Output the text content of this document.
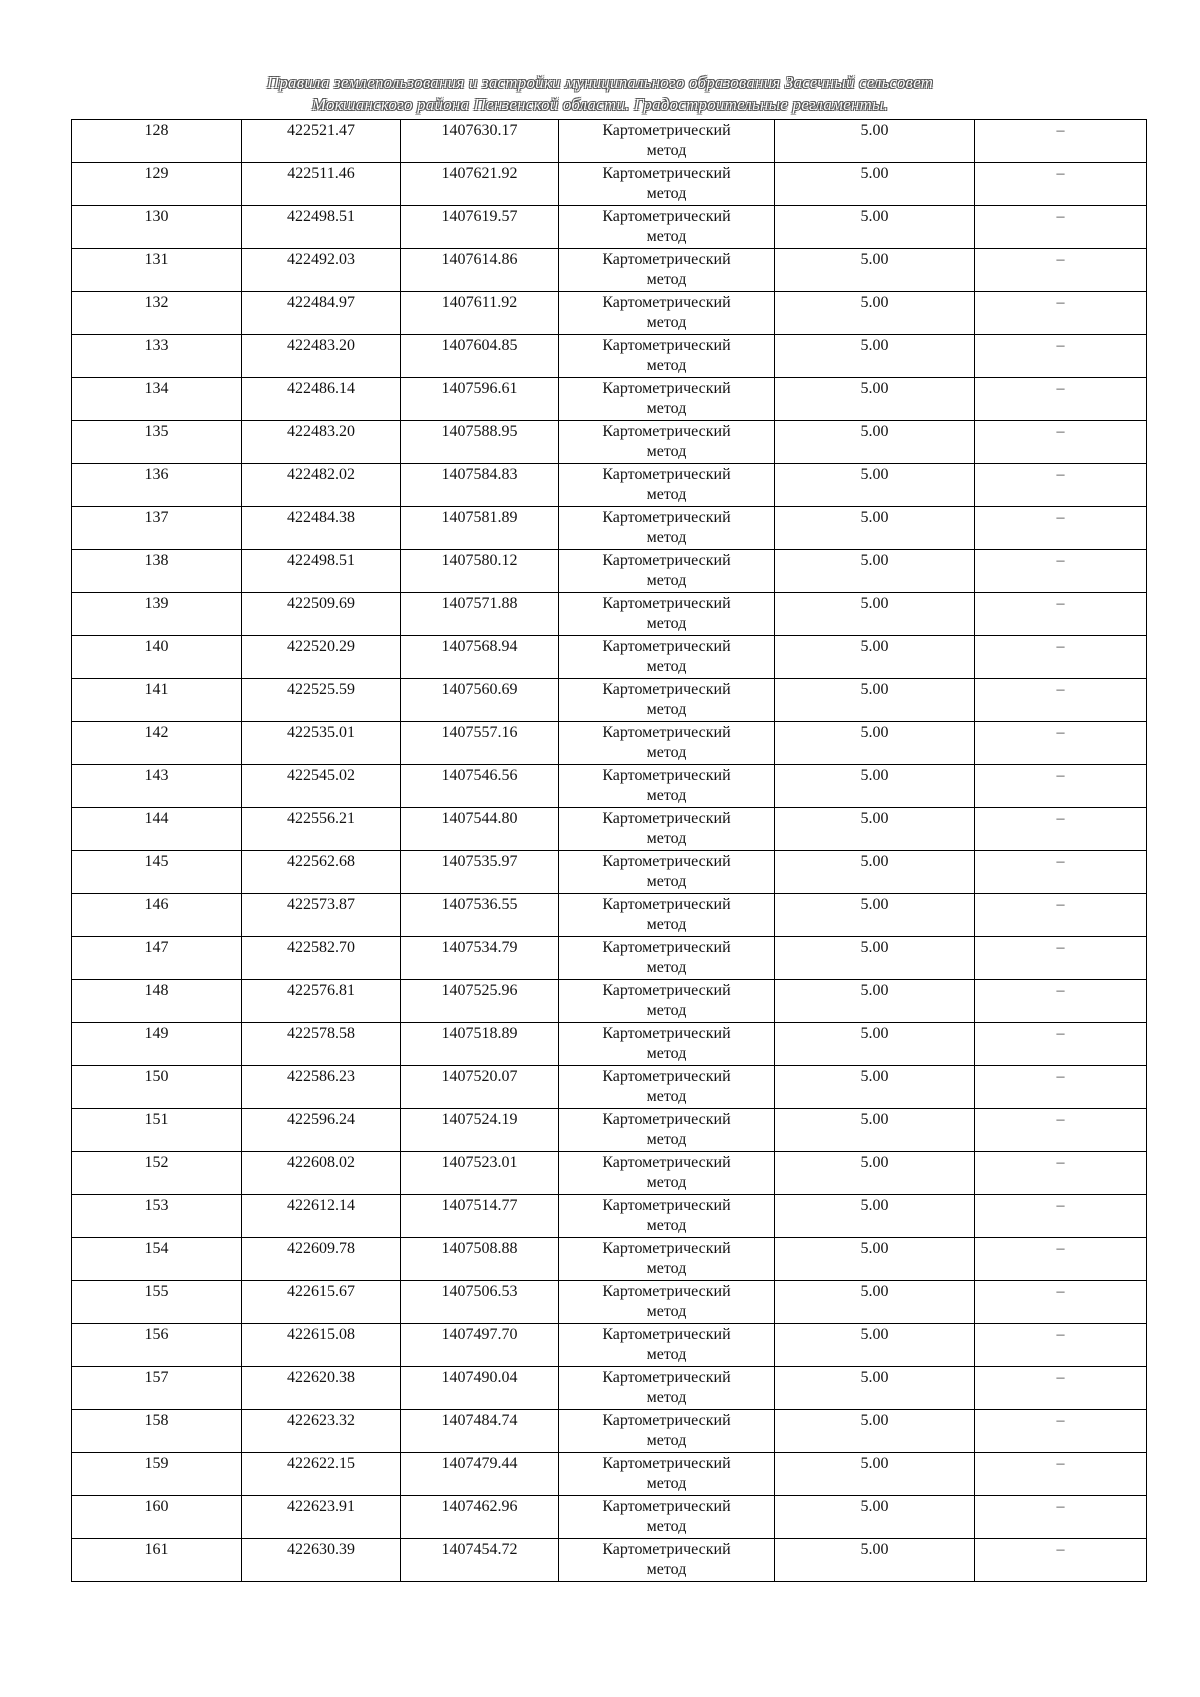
Правила землепользования и застройки муниципального образования Засечный сельсовет
Мокшанского района Пензенской области. Градостроительные регламенты.
128	422521.47	1407630.17	Картометрический метод	5.00	–
129	422511.46	1407621.92	Картометрический метод	5.00	–
130	422498.51	1407619.57	Картометрический метод	5.00	–
131	422492.03	1407614.86	Картометрический метод	5.00	–
132	422484.97	1407611.92	Картометрический метод	5.00	–
133	422483.20	1407604.85	Картометрический метод	5.00	–
134	422486.14	1407596.61	Картометрический метод	5.00	–
135	422483.20	1407588.95	Картометрический метод	5.00	–
136	422482.02	1407584.83	Картометрический метод	5.00	–
137	422484.38	1407581.89	Картометрический метод	5.00	–
138	422498.51	1407580.12	Картометрический метод	5.00	–
139	422509.69	1407571.88	Картометрический метод	5.00	–
140	422520.29	1407568.94	Картометрический метод	5.00	–
141	422525.59	1407560.69	Картометрический метод	5.00	–
142	422535.01	1407557.16	Картометрический метод	5.00	–
143	422545.02	1407546.56	Картометрический метод	5.00	–
144	422556.21	1407544.80	Картометрический метод	5.00	–
145	422562.68	1407535.97	Картометрический метод	5.00	–
146	422573.87	1407536.55	Картометрический метод	5.00	–
147	422582.70	1407534.79	Картометрический метод	5.00	–
148	422576.81	1407525.96	Картометрический метод	5.00	–
149	422578.58	1407518.89	Картометрический метод	5.00	–
150	422586.23	1407520.07	Картометрический метод	5.00	–
151	422596.24	1407524.19	Картометрический метод	5.00	–
152	422608.02	1407523.01	Картометрический метод	5.00	–
153	422612.14	1407514.77	Картометрический метод	5.00	–
154	422609.78	1407508.88	Картометрический метод	5.00	–
155	422615.67	1407506.53	Картометрический метод	5.00	–
156	422615.08	1407497.70	Картометрический метод	5.00	–
157	422620.38	1407490.04	Картометрический метод	5.00	–
158	422623.32	1407484.74	Картометрический метод	5.00	–
159	422622.15	1407479.44	Картометрический метод	5.00	–
160	422623.91	1407462.96	Картометрический метод	5.00	–
161	422630.39	1407454.72	Картометрический метод	5.00	–
